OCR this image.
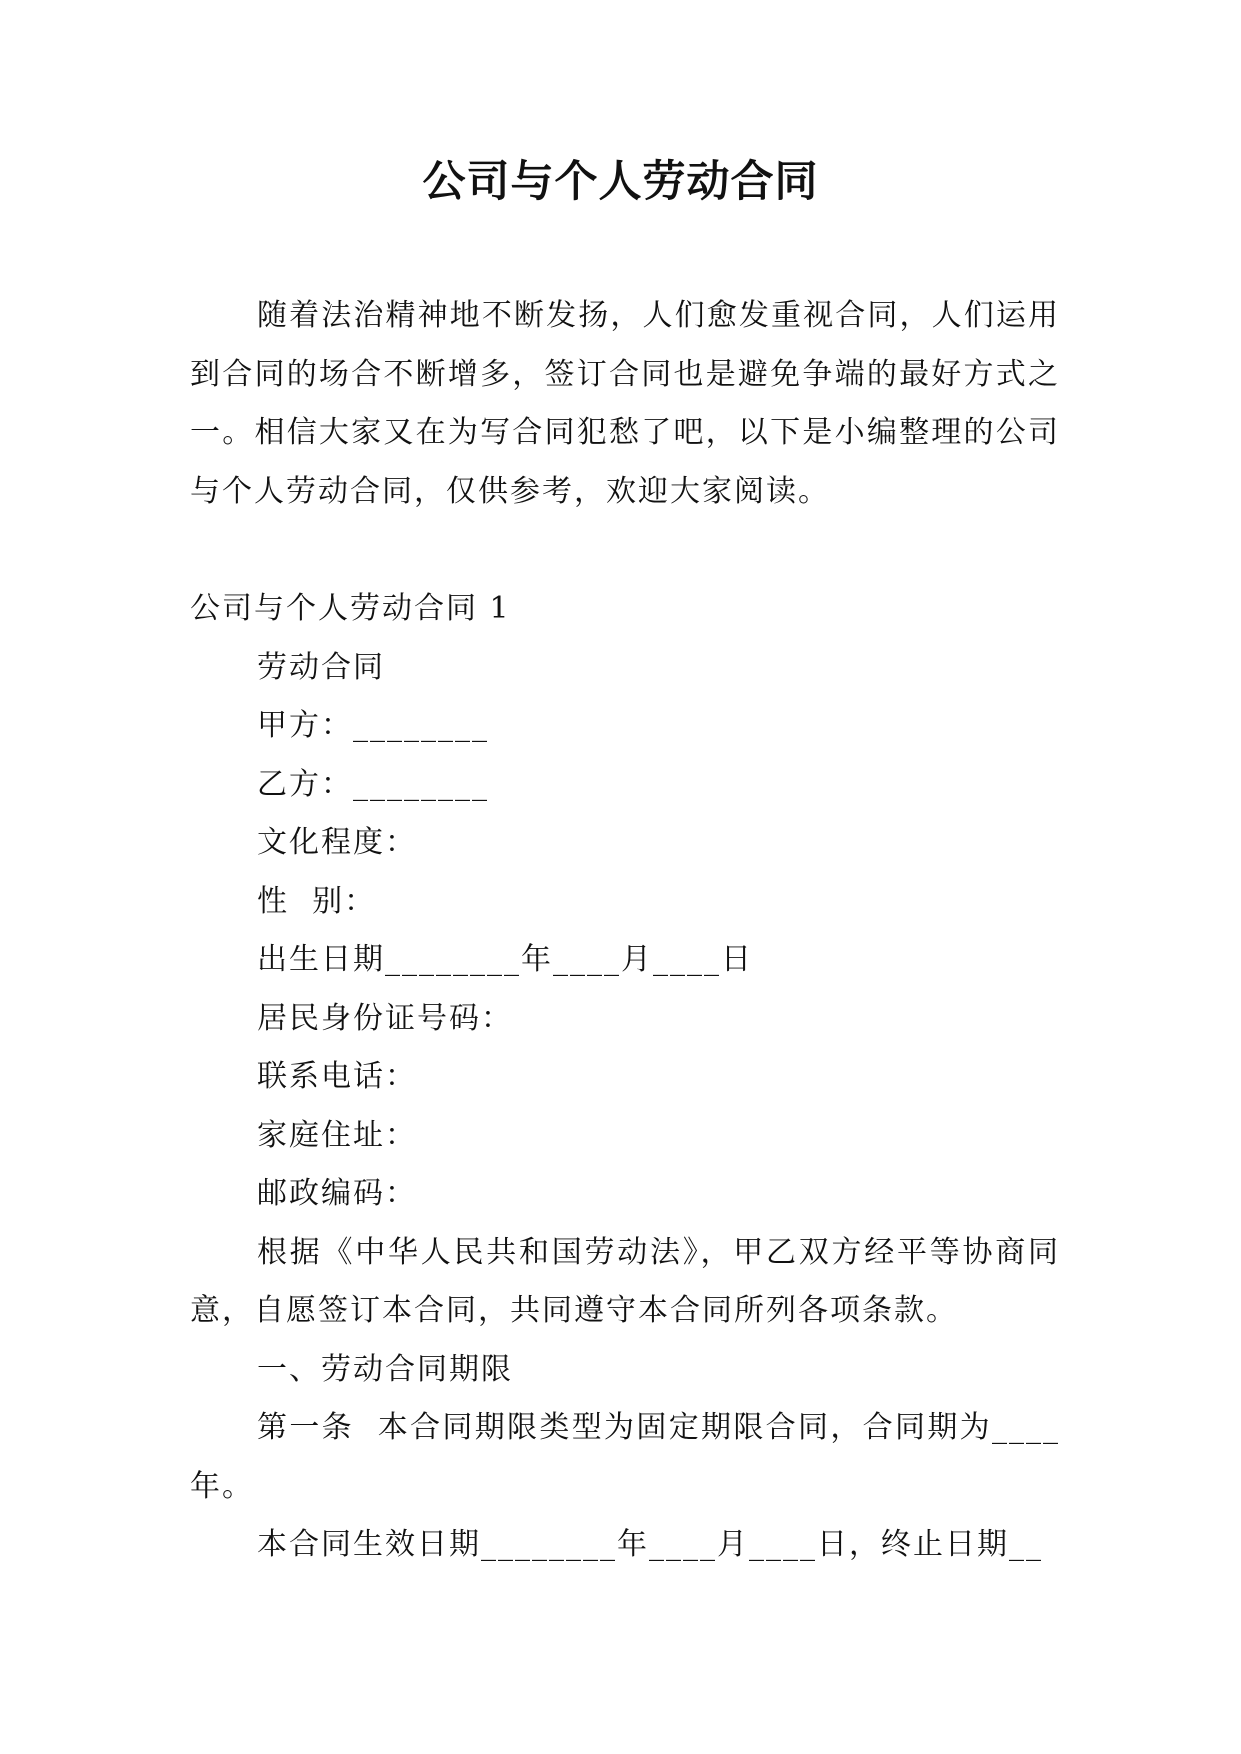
公司与个人劳动合同

随着法治精神地不断发扬，人们愈发重视合同，人们运用到合同的场合不断增多，签订合同也是避免争端的最好方式之一。相信大家又在为写合同犯愁了吧，以下是小编整理的公司与个人劳动合同，仅供参考，欢迎大家阅读。

公司与个人劳动合同 1
劳动合同
甲方：________
乙方：________
文化程度：
性  别：
出生日期________年____月____日
居民身份证号码：
联系电话：
家庭住址：
邮政编码：

根据《中华人民共和国劳动法》，甲乙双方经平等协商同意，自愿签订本合同，共同遵守本合同所列各项条款。

一、劳动合同期限

第一条  本合同期限类型为固定期限合同，合同期为____年。

本合同生效日期________年____月____日，终止日期__
